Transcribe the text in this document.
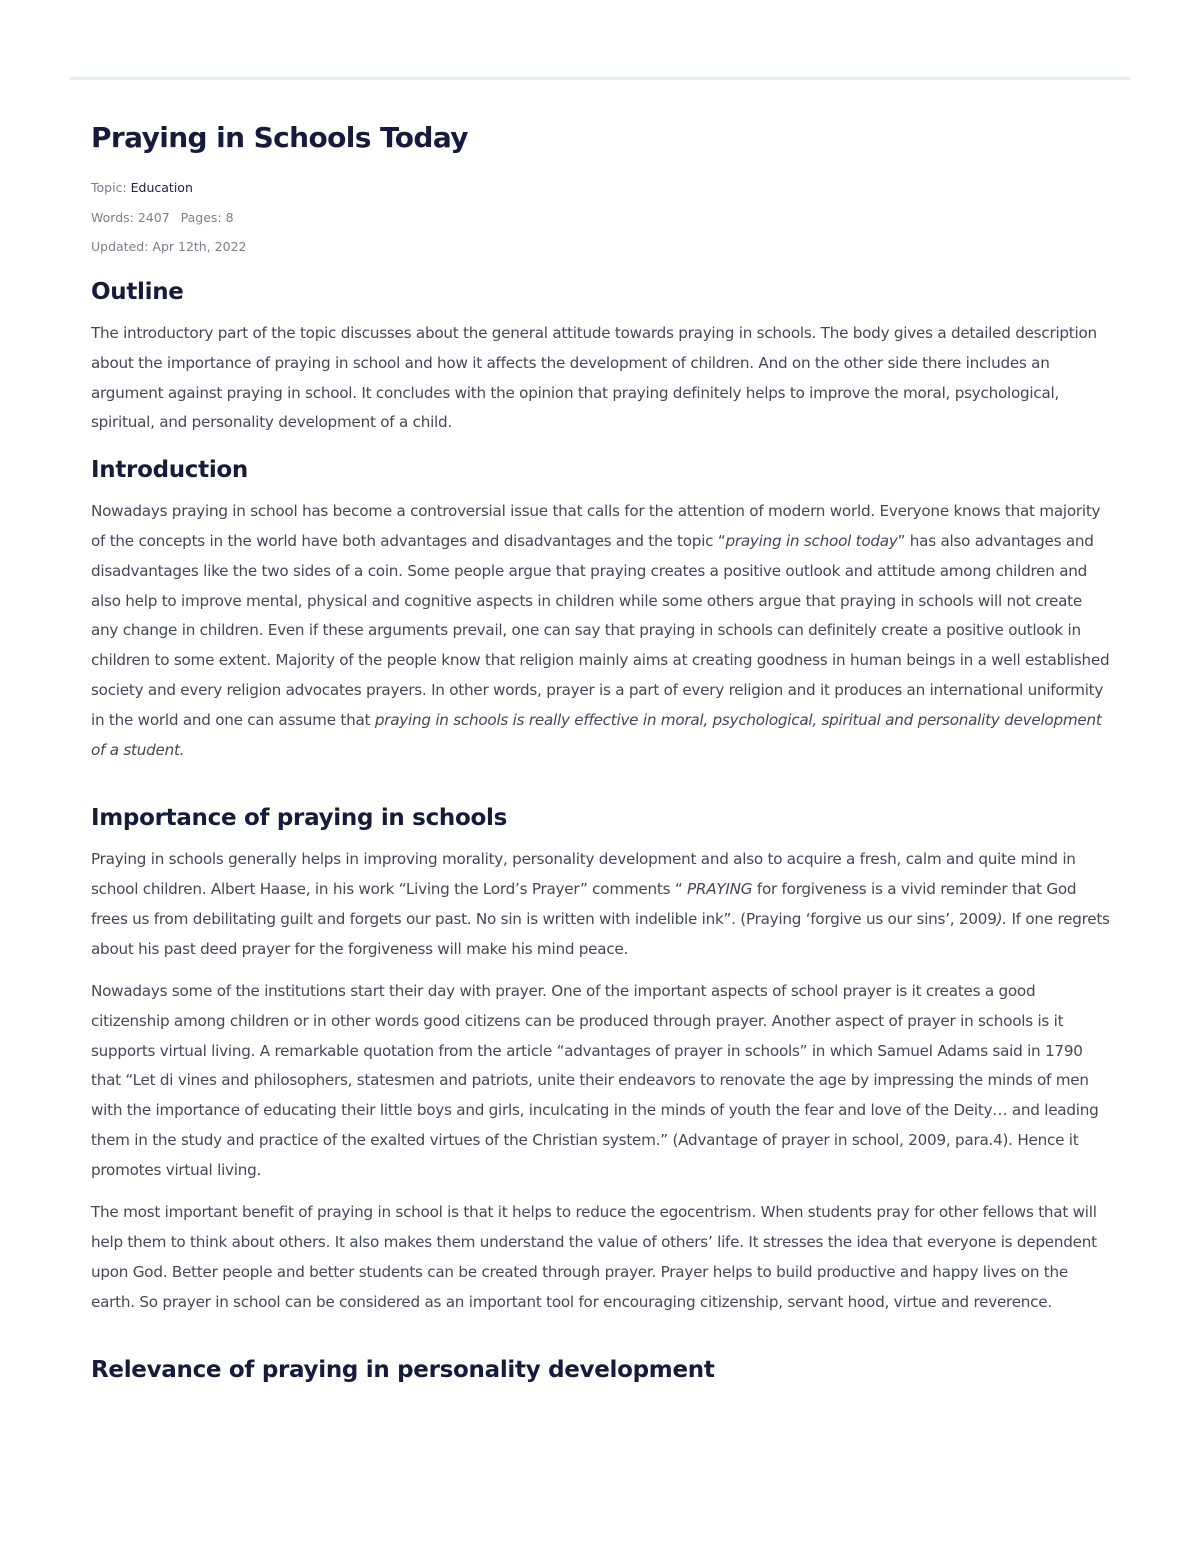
Praying in Schools Today
Topic: Education
Words: 2407 Pages: 8
Updated: Apr 12th, 2022
Outline

The introductory part of the topic discusses about the general attitude towards praying in schools. The body gives a detailed description about the importance of praying in school and how it affects the development of children. And on the other side there includes an argument against praying in school. It concludes with the opinion that praying definitely helps to improve the moral, psychological, spiritual, and personality development of a child.

Introduction

Nowadays praying in school has become a controversial issue that calls for the attention of modern world. Everyone knows that majority of the concepts in the world have both advantages and disadvantages and the topic “praying in school today” has also advantages and disadvantages like the two sides of a coin. Some people argue that praying creates a positive outlook and attitude among children and also help to improve mental, physical and cognitive aspects in children while some others argue that praying in schools will not create any change in children. Even if these arguments prevail, one can say that praying in schools can definitely create a positive outlook in children to some extent. Majority of the people know that religion mainly aims at creating goodness in human beings in a well established society and every religion advocates prayers. In other words, prayer is a part of every religion and it produces an international uniformity in the world and one can assume that praying in schools is really effective in moral, psychological, spiritual and personality development of a student.

Importance of praying in schools

Praying in schools generally helps in improving morality, personality development and also to acquire a fresh, calm and quite mind in school children. Albert Haase, in his work “Living the Lord’s Prayer” comments “ PRAYING for forgiveness is a vivid reminder that God frees us from debilitating guilt and forgets our past. No sin is written with indelible ink”. (Praying ‘forgive us our sins’, 2009). If one regrets about his past deed prayer for the forgiveness will make his mind peace.

Nowadays some of the institutions start their day with prayer. One of the important aspects of school prayer is it creates a good citizenship among children or in other words good citizens can be produced through prayer. Another aspect of prayer in schools is it supports virtual living. A remarkable quotation from the article “advantages of prayer in schools” in which Samuel Adams said in 1790 that “Let di vines and philosophers, statesmen and patriots, unite their endeavors to renovate the age by impressing the minds of men with the importance of educating their little boys and girls, inculcating in the minds of youth the fear and love of the Deity… and leading them in the study and practice of the exalted virtues of the Christian system.” (Advantage of prayer in school, 2009, para.4). Hence it promotes virtual living.

The most important benefit of praying in school is that it helps to reduce the egocentrism. When students pray for other fellows that will help them to think about others. It also makes them understand the value of others’ life. It stresses the idea that everyone is dependent upon God. Better people and better students can be created through prayer. Prayer helps to build productive and happy lives on the earth. So prayer in school can be considered as an important tool for encouraging citizenship, servant hood, virtue and reverence.

Relevance of praying in personality development
